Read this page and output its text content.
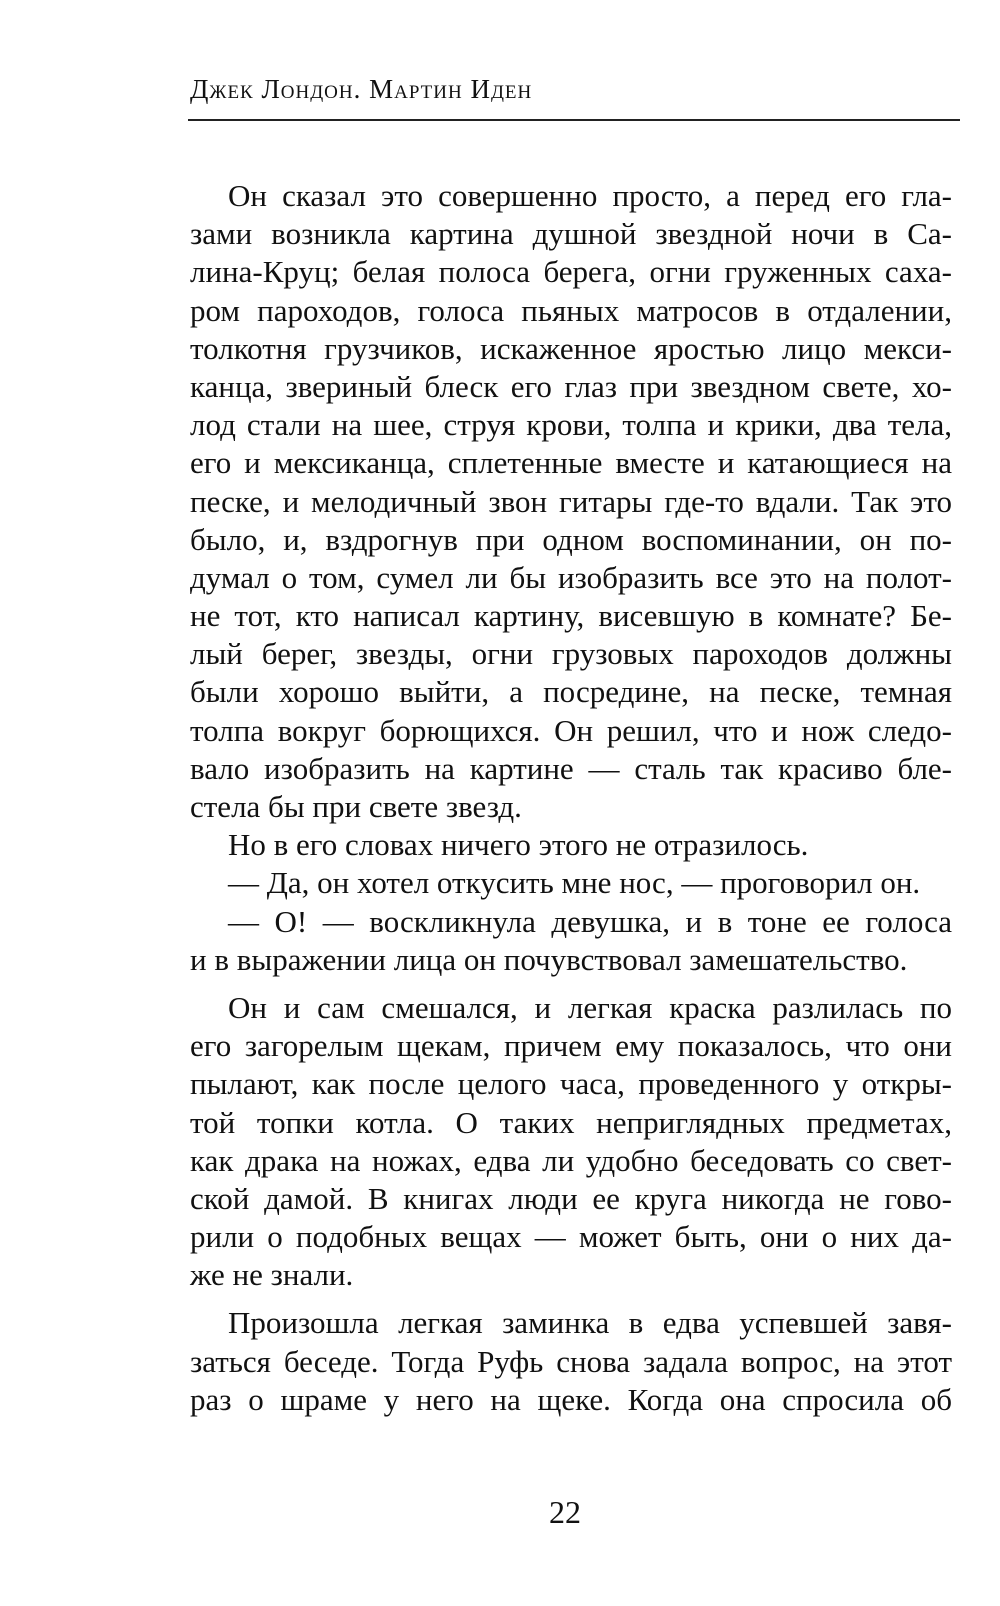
Джек Лондон. Мартин Иден
Он сказал это совершенно просто, а перед его гла-
зами возникла картина душной звездной ночи в Са-
лина-Круц; белая полоса берега, огни груженных саха-
ром пароходов, голоса пьяных матросов в отдалении,
толкотня грузчиков, искаженное яростью лицо мекси-
канца, звериный блеск его глаз при звездном свете, хо-
лод стали на шее, струя крови, толпа и крики, два тела,
его и мексиканца, сплетенные вместе и катающиеся на
песке, и мелодичный звон гитары где-то вдали. Так это
было, и, вздрогнув при одном воспоминании, он по-
думал о том, сумел ли бы изобразить все это на полот-
не тот, кто написал картину, висевшую в комнате? Бе-
лый берег, звезды, огни грузовых пароходов должны
были хорошо выйти, а посредине, на песке, темная
толпа вокруг борющихся. Он решил, что и нож следо-
вало изобразить на картине — сталь так красиво бле-
стела бы при свете звезд.
Но в его словах ничего этого не отразилось.
— Да, он хотел откусить мне нос, — проговорил он.
— О! — воскликнула девушка, и в тоне ее голоса
и в выражении лица он почувствовал замешательство.
Он и сам смешался, и легкая краска разлилась по
его загорелым щекам, причем ему показалось, что они
пылают, как после целого часа, проведенного у откры-
той топки котла. О таких неприглядных предметах,
как драка на ножах, едва ли удобно беседовать со свет-
ской дамой. В книгах люди ее круга никогда не гово-
рили о подобных вещах — может быть, они о них да-
же не знали.
Произошла легкая заминка в едва успевшей завя-
заться беседе. Тогда Руфь снова задала вопрос, на этот
раз о шраме у него на щеке. Когда она спросила об
22
